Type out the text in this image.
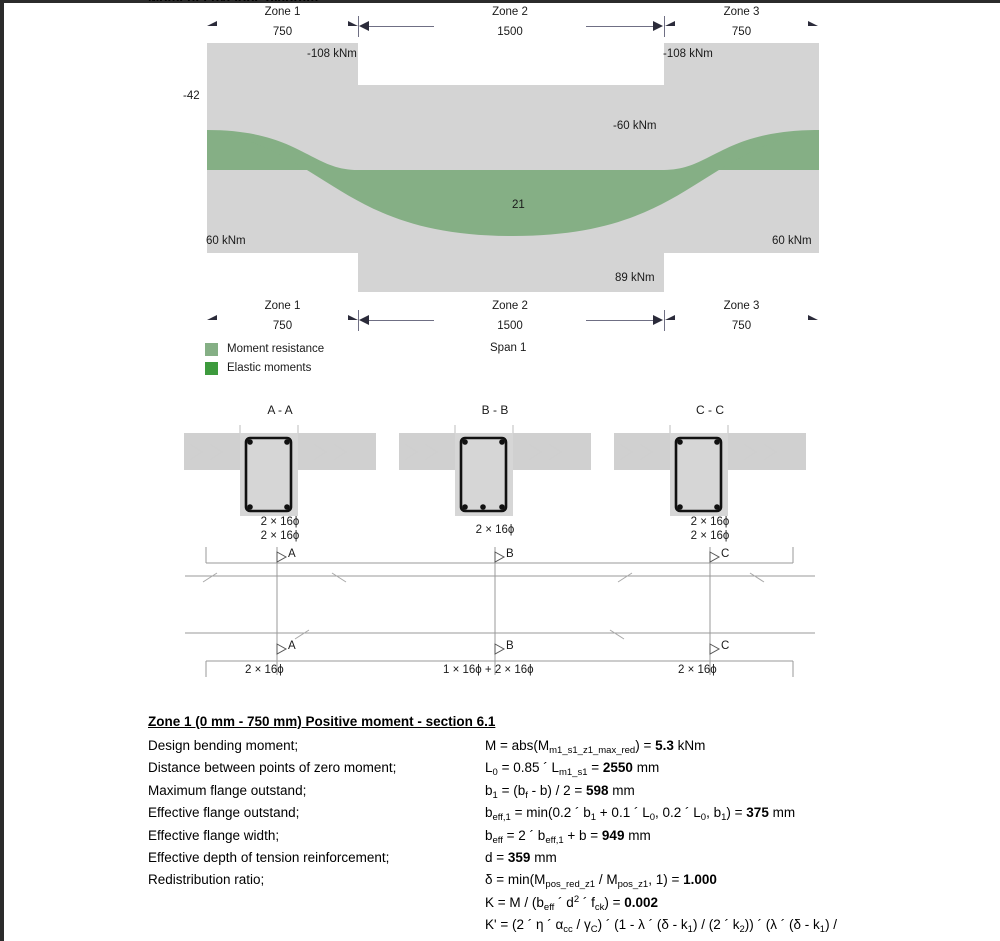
Zone 1
750
Zone 2
1500
Zone 3
750
-108 kNm	-108 kNm
-60 kNm
-42
21
60 kNm	60 kNm
89 kNm
Zone 1
750
Zone 2
1500
Zone 3
750
Moment resistance
Elastic moments
Span 1
A - A
2 × 16ϕ
2 × 16ϕ
B - B
2 × 16ϕ
C - C
2 × 16ϕ
2 × 16ϕ
A	B	C
A	B	C
2 × 16ϕ	1 × 16ϕ + 2 × 16ϕ	2 × 16ϕ
Zone 1 (0 mm - 750 mm) Positive moment - section 6.1
Design bending moment;	$M = abs(M_{m1\_s1\_z1\_max\_red}) = 5.3$ kNm
Distance between points of zero moment;	$L_0 = 0.85$ ´ $L_{m1\_s1} = 2550$ mm
Maximum flange outstand;	$b_1 = (b_f - b) / 2 = 598$ mm
Effective flange outstand;	$b_{eff,1} = \min(0.2$ ´ $b_1 + 0.1$ ´ $L_0$, 0.2 ´ $L_0$, $b_1) = 375$ mm
Effective flange width;	$b_{eff} = 2$ ´ $b_{eff,1} + b = 949$ mm
Effective depth of tension reinforcement;	d = 359 mm
Redistribution ratio;	$\delta = \min(M_{pos\_red\_z1} / M_{pos\_z1}$, 1) = 1.000
$K = M / (b_{eff}$ ´ $d^2$ ´ $f_{ck}) = 0.002$
K' = (2 ´ η ´ $\alpha_{cc} / \gamma_C$) ´ (1 - λ ´ $(\delta - k_1) / (2$ ´ $k_2$)) ´ (λ ´ $(\delta - k_1)$ /
